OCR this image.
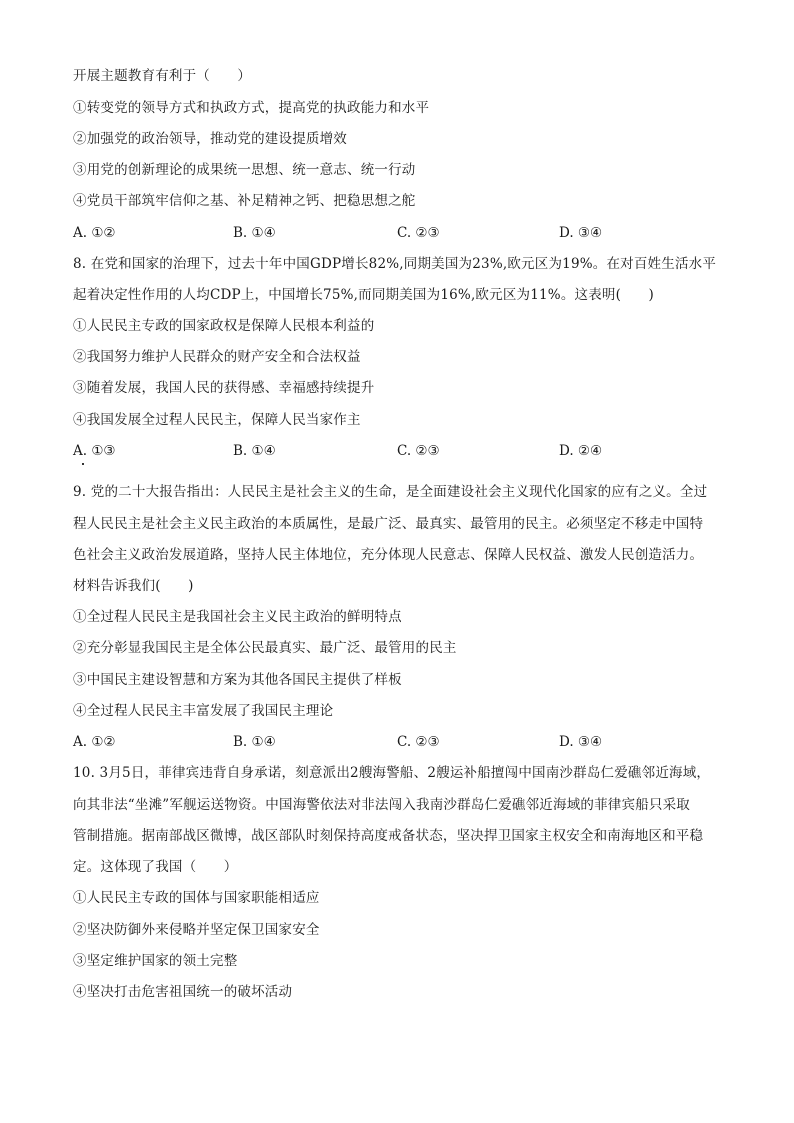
开展主题教育有利于（　　）
①转变党的领导方式和执政方式，提高党的执政能力和水平
②加强党的政治领导，推动党的建设提质增效
③用党的创新理论的成果统一思想、统一意志、统一行动
④党员干部筑牢信仰之基、补足精神之钙、把稳思想之舵
A. ①②	B. ①④	C. ②③	D. ③④
8. 在党和国家的治理下，过去十年中国GDP增长82%,同期美国为23%,欧元区为19%。在对百姓生活水平
起着决定性作用的人均CDP上，中国增长75%,而同期美国为16%,欧元区为11%。这表明(　　)
①人民民主专政的国家政权是保障人民根本利益的
②我国努力维护人民群众的财产安全和合法权益
③随着发展，我国人民的获得感、幸福感持续提升
④我国发展全过程人民民主，保障人民当家作主
A. ①③	B. ①④	C. ②③	D. ②④
9. 党的二十大报告指出：人民民主是社会主义的生命，是全面建设社会主义现代化国家的应有之义。全过
程人民民主是社会主义民主政治的本质属性，是最广泛、最真实、最管用的民主。必须坚定不移走中国特
色社会主义政治发展道路，坚持人民主体地位，充分体现人民意志、保障人民权益、激发人民创造活力。
材料告诉我们(　　)
①全过程人民民主是我国社会主义民主政治的鲜明特点
②充分彰显我国民主是全体公民最真实、最广泛、最管用的民主
③中国民主建设智慧和方案为其他各国民主提供了样板
④全过程人民民主丰富发展了我国民主理论
A. ①②	B. ①④	C. ②③	D. ③④
10. 3月5日，菲律宾违背自身承诺，刻意派出2艘海警船、2艘运补船擅闯中国南沙群岛仁爱礁邻近海域，
向其非法“坐滩”军舰运送物资。中国海警依法对非法闯入我南沙群岛仁爱礁邻近海域的菲律宾船只采取
管制措施。据南部战区微博，战区部队时刻保持高度戒备状态，坚决捍卫国家主权安全和南海地区和平稳
定。这体现了我国（　　）
①人民民主专政的国体与国家职能相适应
②坚决防御外来侵略并坚定保卫国家安全
③坚定维护国家的领土完整
④坚决打击危害祖国统一的破坏活动
